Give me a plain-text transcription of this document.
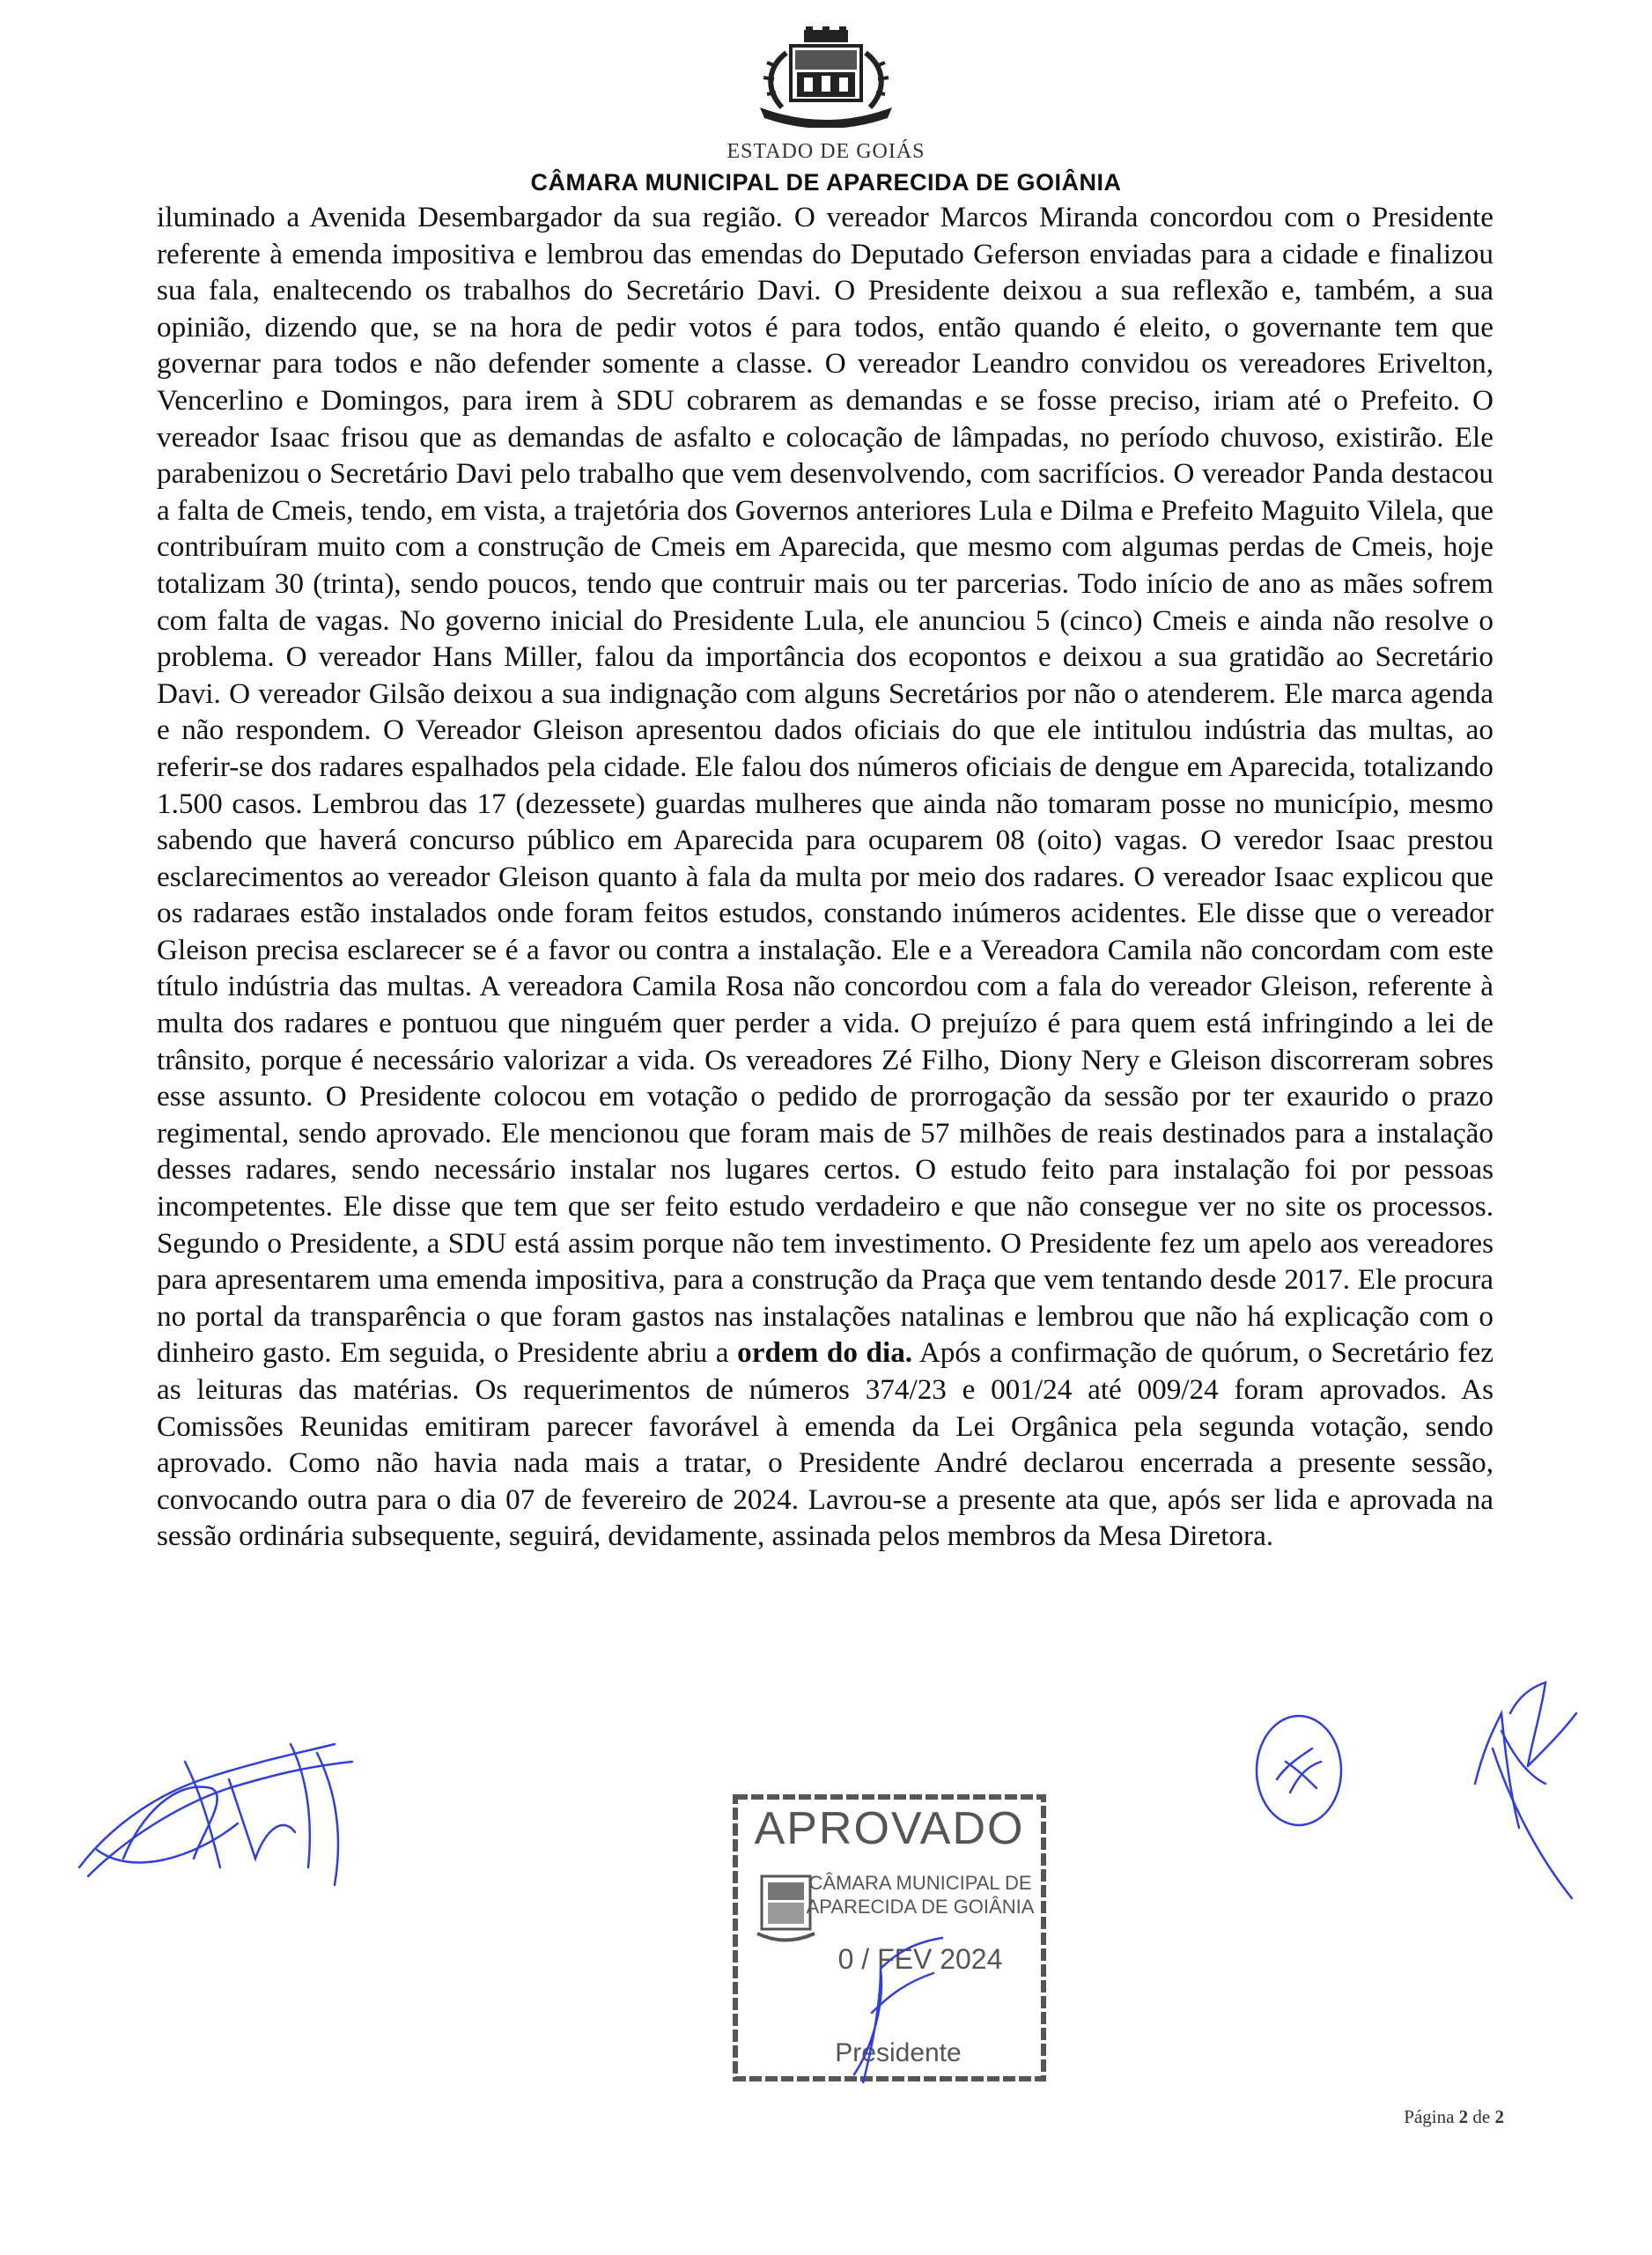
ESTADO DE GOIÁS
CÂMARA MUNICIPAL DE APARECIDA DE GOIÂNIA

iluminado a Avenida Desembargador da sua região. O vereador Marcos Miranda concordou com o Presidente referente à emenda impositiva e lembrou das emendas do Deputado Geferson enviadas para a cidade e finalizou sua fala, enaltecendo os trabalhos do Secretário Davi. O Presidente deixou a sua reflexão e, também, a sua opinião, dizendo que, se na hora de pedir votos é para todos, então quando é eleito, o governante tem que governar para todos e não defender somente a classe. O vereador Leandro convidou os vereadores Erivelton, Vencerlino e Domingos, para irem à SDU cobrarem as demandas e se fosse preciso, iriam até o Prefeito. O vereador Isaac frisou que as demandas de asfalto e colocação de lâmpadas, no período chuvoso, existirão. Ele parabenizou o Secretário Davi pelo trabalho que vem desenvolvendo, com sacrifícios. O vereador Panda destacou a falta de Cmeis, tendo, em vista, a trajetória dos Governos anteriores Lula e Dilma e Prefeito Maguito Vilela, que contribuíram muito com a construção de Cmeis em Aparecida, que mesmo com algumas perdas de Cmeis, hoje totalizam 30 (trinta), sendo poucos, tendo que contruir mais ou ter parcerias. Todo início de ano as mães sofrem com falta de vagas. No governo inicial do Presidente Lula, ele anunciou 5 (cinco) Cmeis e ainda não resolve o problema. O vereador Hans Miller, falou da importância dos ecopontos e deixou a sua gratidão ao Secretário Davi. O vereador Gilsão deixou a sua indignação com alguns Secretários por não o atenderem. Ele marca agenda e não respondem. O Vereador Gleison apresentou dados oficiais do que ele intitulou indústria das multas, ao referir-se dos radares espalhados pela cidade. Ele falou dos números oficiais de dengue em Aparecida, totalizando 1.500 casos. Lembrou das 17 (dezessete) guardas mulheres que ainda não tomaram posse no município, mesmo sabendo que haverá concurso público em Aparecida para ocuparem 08 (oito) vagas. O veredor Isaac prestou esclarecimentos ao vereador Gleison quanto à fala da multa por meio dos radares. O vereador Isaac explicou que os radaraes estão instalados onde foram feitos estudos, constando inúmeros acidentes. Ele disse que o vereador Gleison precisa esclarecer se é a favor ou contra a instalação. Ele e a Vereadora Camila não concordam com este título indústria das multas. A vereadora Camila Rosa não concordou com a fala do vereador Gleison, referente à multa dos radares e pontuou que ninguém quer perder a vida. O prejuízo é para quem está infringindo a lei de trânsito, porque é necessário valorizar a vida. Os vereadores Zé Filho, Diony Nery e Gleison discorreram sobres esse assunto. O Presidente colocou em votação o pedido de prorrogação da sessão por ter exaurido o prazo regimental, sendo aprovado. Ele mencionou que foram mais de 57 milhões de reais destinados para a instalação desses radares, sendo necessário instalar nos lugares certos. O estudo feito para instalação foi por pessoas incompetentes. Ele disse que tem que ser feito estudo verdadeiro e que não consegue ver no site os processos. Segundo o Presidente, a SDU está assim porque não tem investimento. O Presidente fez um apelo aos vereadores para apresentarem uma emenda impositiva, para a construção da Praça que vem tentando desde 2017. Ele procura no portal da transparência o que foram gastos nas instalações natalinas e lembrou que não há explicação com o dinheiro gasto. Em seguida, o Presidente abriu a ordem do dia. Após a confirmação de quórum, o Secretário fez as leituras das matérias. Os requerimentos de números 374/23 e 001/24 até 009/24 foram aprovados. As Comissões Reunidas emitiram parecer favorável à emenda da Lei Orgânica pela segunda votação, sendo aprovado. Como não havia nada mais a tratar, o Presidente André declarou encerrada a presente sessão, convocando outra para o dia 07 de fevereiro de 2024. Lavrou-se a presente ata que, após ser lida e aprovada na sessão ordinária subsequente, seguirá, devidamente, assinada pelos membros da Mesa Diretora.

APROVADO
CÂMARA MUNICIPAL DE
APARECIDA DE GOIÂNIA
0 / FEV 2024
Presidente
Página 2 de 2
